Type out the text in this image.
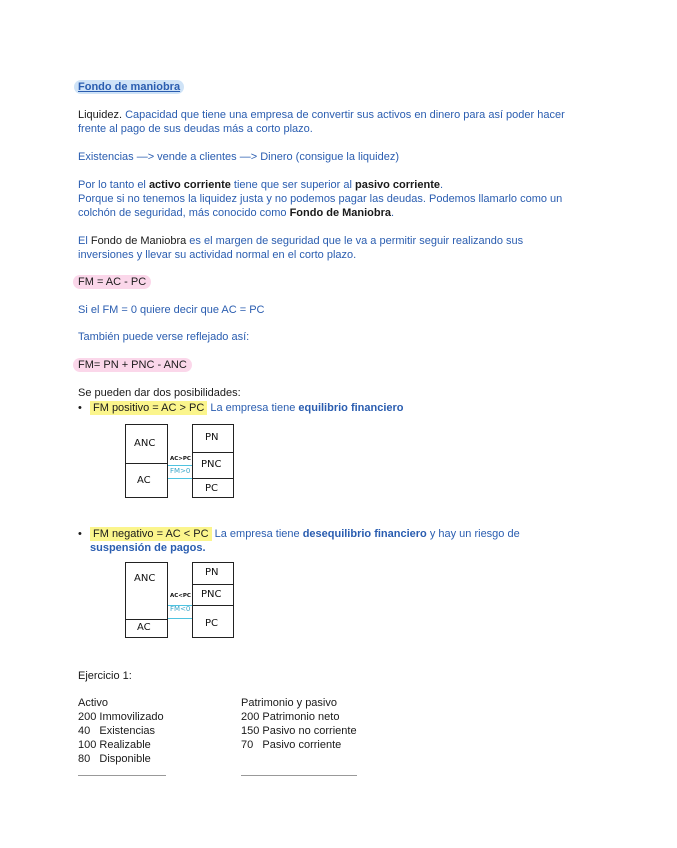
Fondo de maniobra
Liquidez. Capacidad que tiene una empresa de convertir sus activos en dinero para así poder hacer
frente al pago de sus deudas más a corto plazo.
Existencias —> vende a clientes —> Dinero (consigue la liquidez)
Por lo tanto el activo corriente tiene que ser superior al pasivo corriente.
Porque si no tenemos la liquidez justa y no podemos pagar las deudas. Podemos llamarlo como un
colchón de seguridad, más conocido como Fondo de Maniobra.
El Fondo de Maniobra es el margen de seguridad que le va a permitir seguir realizando sus
inversiones y llevar su actividad normal en el corto plazo.
FM = AC - PC
Si el FM = 0 quiere decir que AC = PC
También puede verse reflejado así:
FM= PN + PNC - ANC
Se pueden dar dos posibilidades:
• FM positivo = AC > PC La empresa tiene equilibrio financiero
ANC
AC
PN
PNC
PC
AC>PC
FM>0
• FM negativo = AC < PC La empresa tiene desequilibrio financiero y hay un riesgo de
suspensión de pagos.
ANC
AC
PN
PNC
PC
AC<PC
FM<0
Ejercicio 1:
Activo
200 Immovilizado
40   Existencias
100 Realizable
80   Disponible
Patrimonio y pasivo
200 Patrimonio neto
150 Pasivo no corriente
70   Pasivo corriente
